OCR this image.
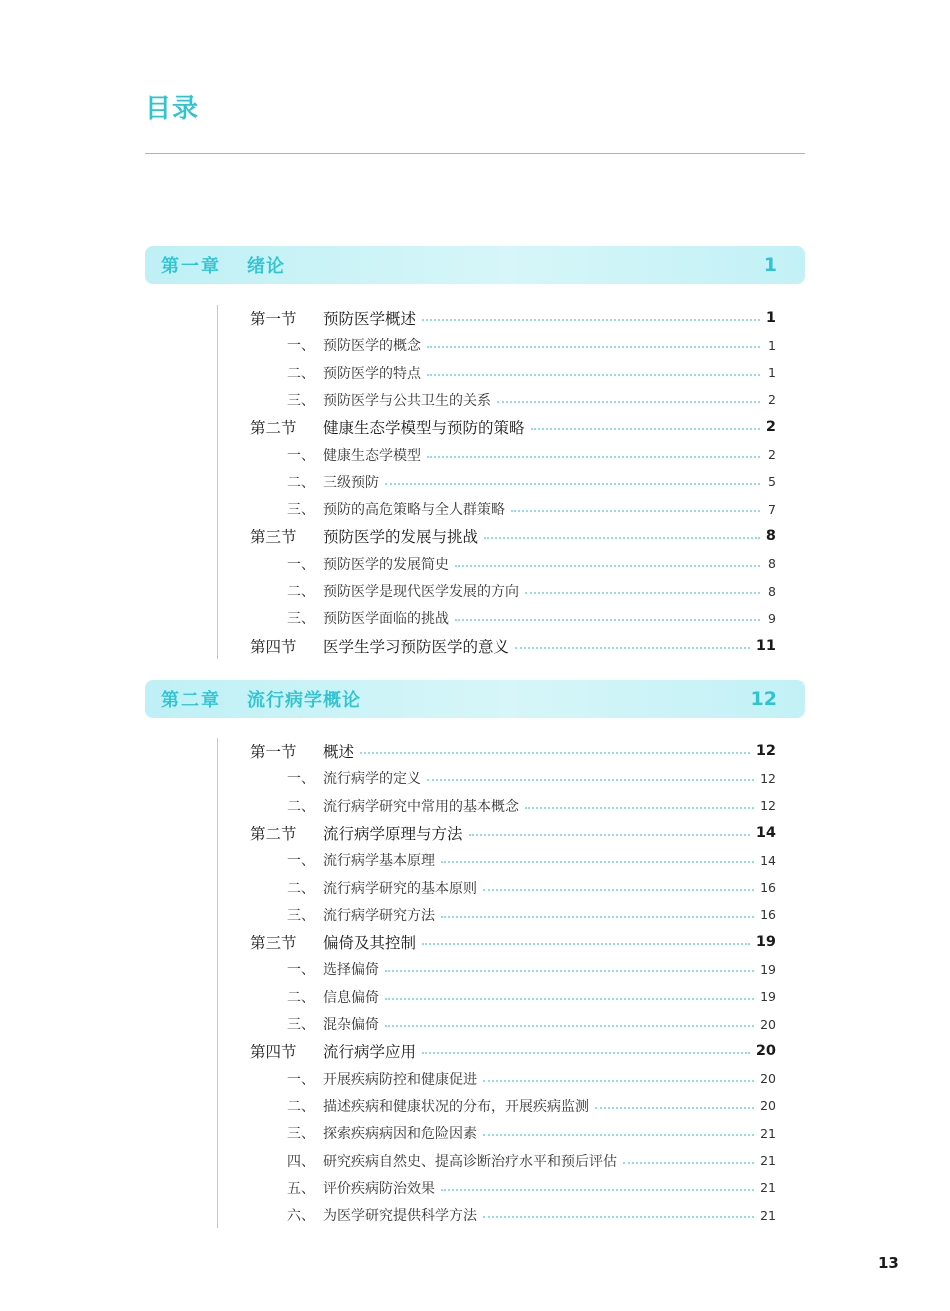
目录
第一章	绪论	1
第一节	预防医学概述	1
一、 预防医学的概念	1
二、 预防医学的特点	1
三、 预防医学与公共卫生的关系	2
第二节	健康生态学模型与预防的策略	2
一、 健康生态学模型	2
二、 三级预防	5
三、 预防的高危策略与全人群策略	7
第三节	预防医学的发展与挑战	8
一、 预防医学的发展简史	8
二、 预防医学是现代医学发展的方向	8
三、 预防医学面临的挑战	9
第四节	医学生学习预防医学的意义	11
第二章	流行病学概论	12
第一节	概述	12
一、 流行病学的定义	12
二、 流行病学研究中常用的基本概念	12
第二节	流行病学原理与方法	14
一、 流行病学基本原理	14
二、 流行病学研究的基本原则	16
三、 流行病学研究方法	16
第三节	偏倚及其控制	19
一、 选择偏倚	19
二、 信息偏倚	19
三、 混杂偏倚	20
第四节	流行病学应用	20
一、 开展疾病防控和健康促进	20
二、 描述疾病和健康状况的分布，开展疾病监测	20
三、 探索疾病病因和危险因素	21
四、 研究疾病自然史、提高诊断治疗水平和预后评估	21
五、 评价疾病防治效果	21
六、 为医学研究提供科学方法	21
13
